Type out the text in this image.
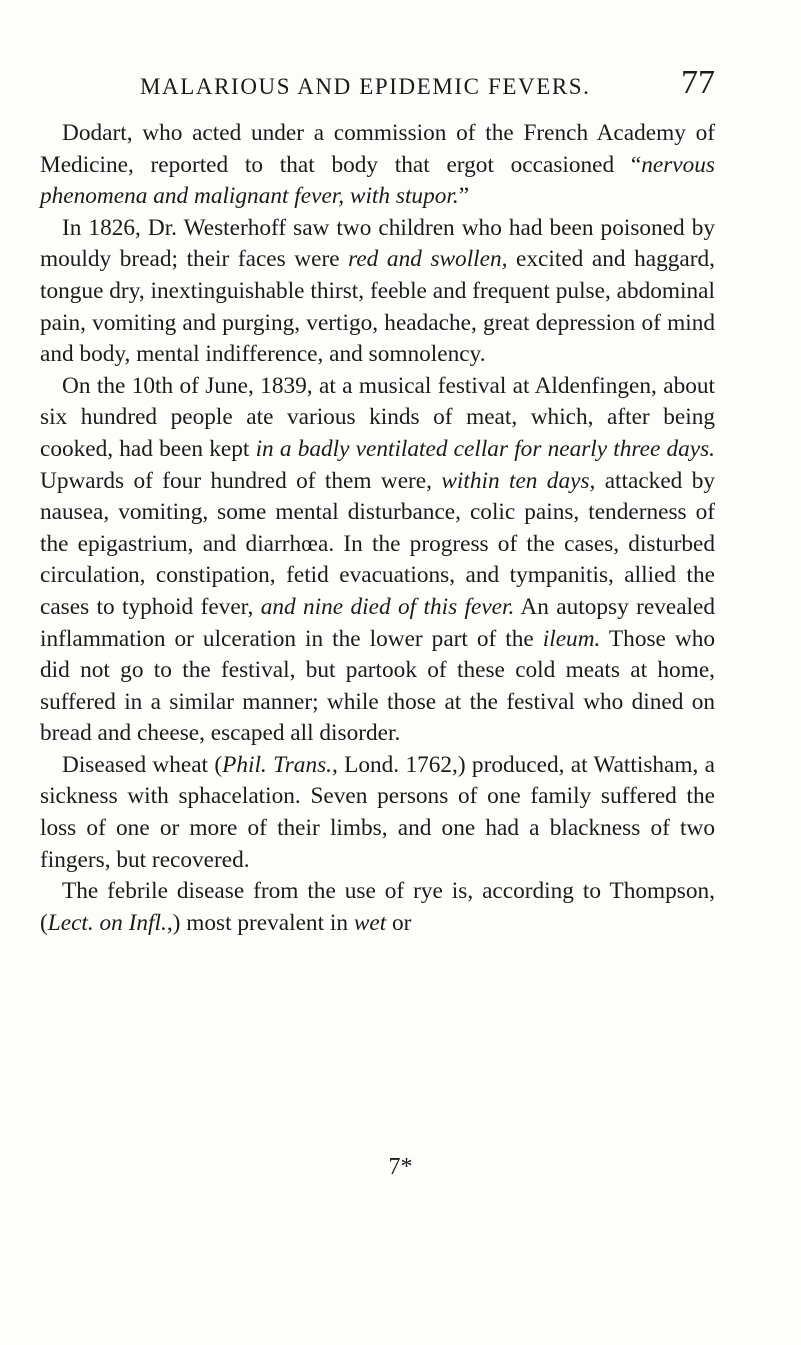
MALARIOUS AND EPIDEMIC FEVERS.	77

Dodart, who acted under a commission of the French Academy of Medicine, reported to that body that ergot occasioned “nervous phenomena and malignant fever, with stupor.”

In 1826, Dr. Westerhoff saw two children who had been poisoned by mouldy bread; their faces were red and swollen, excited and haggard, tongue dry, inextinguishable thirst, feeble and frequent pulse, abdominal pain, vomiting and purging, vertigo, headache, great depression of mind and body, mental indifference, and somnolency.

On the 10th of June, 1839, at a musical festival at Aldenfingen, about six hundred people ate various kinds of meat, which, after being cooked, had been kept in a badly ventilated cellar for nearly three days. Upwards of four hundred of them were, within ten days, attacked by nausea, vomiting, some mental disturbance, colic pains, tenderness of the epigastrium, and diarrhœa. In the progress of the cases, disturbed circulation, constipation, fetid evacuations, and tympanitis, allied the cases to typhoid fever, and nine died of this fever. An autopsy revealed inflammation or ulceration in the lower part of the ileum. Those who did not go to the festival, but partook of these cold meats at home, suffered in a similar manner; while those at the festival who dined on bread and cheese, escaped all disorder.

Diseased wheat (Phil. Trans., Lond. 1762,) produced, at Wattisham, a sickness with sphacelation. Seven persons of one family suffered the loss of one or more of their limbs, and one had a blackness of two fingers, but recovered.

The febrile disease from the use of rye is, according to Thompson, (Lect. on Infl.,) most prevalent in wet or

7*
